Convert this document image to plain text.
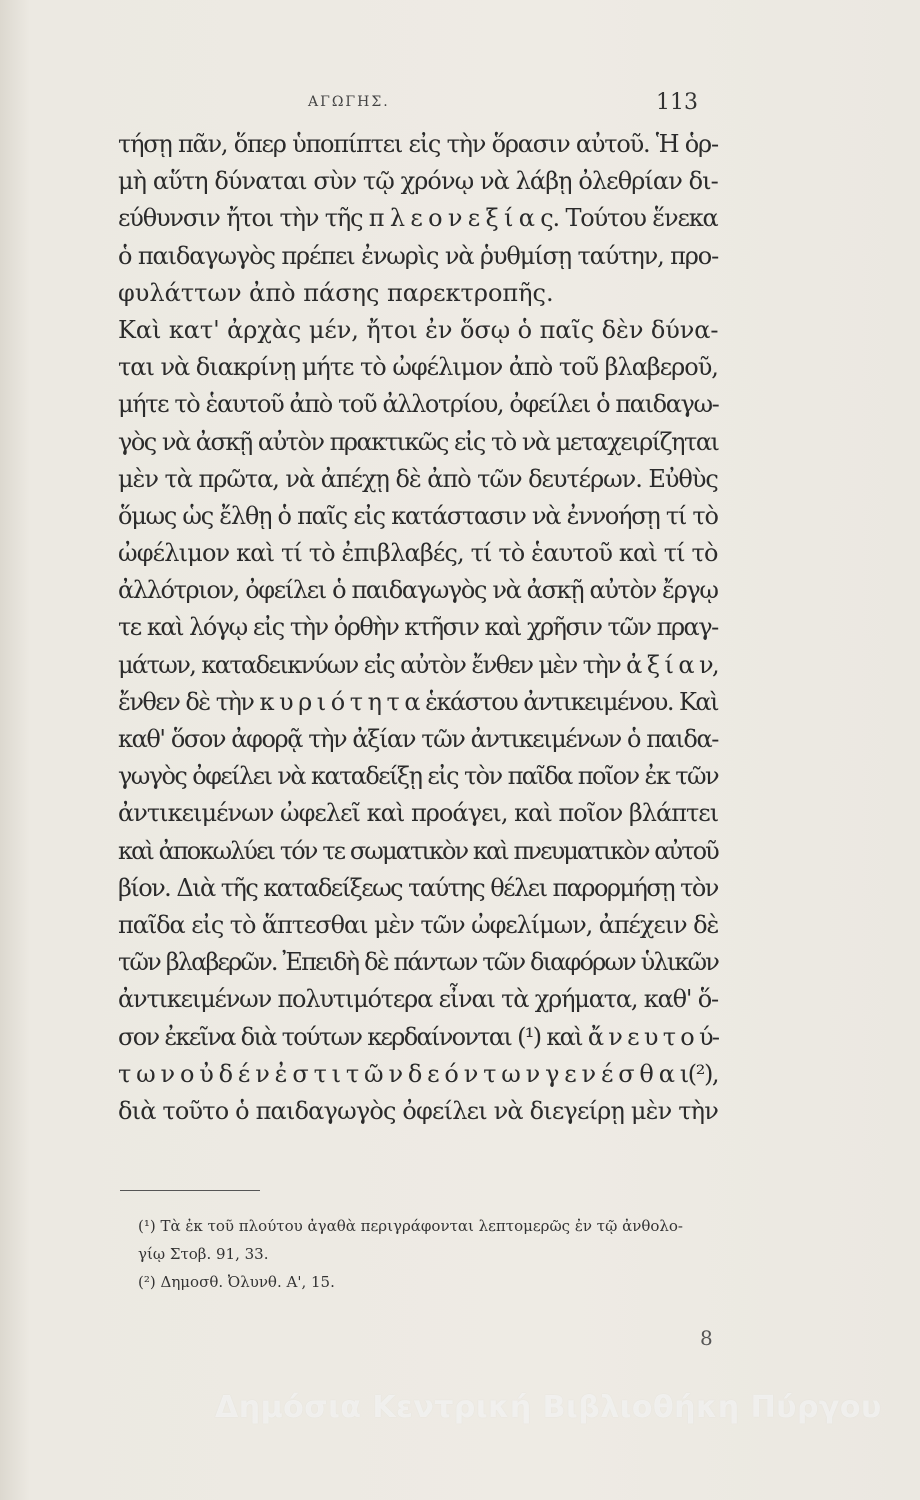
ΑΓΩΓΗΣ.	113
τήσῃ πᾶν, ὅπερ ὑποπίπτει εἰς τὴν ὅρασιν αὐτοῦ. Ἡ ὁρ-
μὴ αὕτη δύναται σὺν τῷ χρόνῳ νὰ λάβῃ ὀλεθρίαν δι-
εύθυνσιν ἤτοι τὴν τῆς π λ ε ο ν ε ξ ί α ς. Τούτου ἕνεκα
ὁ παιδαγωγὸς πρέπει ἐνωρὶς νὰ ῥυθμίσῃ ταύτην, προ-
φυλάττων ἀπὸ πάσης παρεκτροπῆς.
Καὶ κατ' ἀρχὰς μέν, ἤτοι ἐν ὅσῳ ὁ παῖς δὲν δύνα-
ται νὰ διακρίνῃ μήτε τὸ ὠφέλιμον ἀπὸ τοῦ βλαβεροῦ,
μήτε τὸ ἑαυτοῦ ἀπὸ τοῦ ἀλλοτρίου, ὀφείλει ὁ παιδαγω-
γὸς νὰ ἀσκῇ αὐτὸν πρακτικῶς εἰς τὸ νὰ μεταχειρίζηται
μὲν τὰ πρῶτα, νὰ ἀπέχῃ δὲ ἀπὸ τῶν δευτέρων. Εὐθὺς
ὅμως ὡς ἔλθῃ ὁ παῖς εἰς κατάστασιν νὰ ἐννοήσῃ τί τὸ
ὠφέλιμον καὶ τί τὸ ἐπιβλαβές, τί τὸ ἑαυτοῦ καὶ τί τὸ
ἀλλότριον, ὀφείλει ὁ παιδαγωγὸς νὰ ἀσκῇ αὐτὸν ἔργῳ
τε καὶ λόγῳ εἰς τὴν ὀρθὴν κτῆσιν καὶ χρῆσιν τῶν πραγ-
μάτων, καταδεικνύων εἰς αὐτὸν ἔνθεν μὲν τὴν ἀ ξ ί α ν,
ἔνθεν δὲ τὴν κ υ ρ ι ό τ η τ α ἑκάστου ἀντικειμένου. Καὶ
καθ' ὅσον ἀφορᾷ τὴν ἀξίαν τῶν ἀντικειμένων ὁ παιδα-
γωγὸς ὀφείλει νὰ καταδείξῃ εἰς τὸν παῖδα ποῖον ἐκ τῶν
ἀντικειμένων ὠφελεῖ καὶ προάγει, καὶ ποῖον βλάπτει
καὶ ἀποκωλύει τόν τε σωματικὸν καὶ πνευματικὸν αὐτοῦ
βίον. Διὰ τῆς καταδείξεως ταύτης θέλει παρορμήσῃ τὸν
παῖδα εἰς τὸ ἅπτεσθαι μὲν τῶν ὠφελίμων, ἀπέχειν δὲ
τῶν βλαβερῶν. Ἐπειδὴ δὲ πάντων τῶν διαφόρων ὑλικῶν
ἀντικειμένων πολυτιμότερα εἶναι τὰ χρήματα, καθ' ὅ-
σον ἐκεῖνα διὰ τούτων κερδαίνονται (¹) καὶ ἄ ν ε υ τ ο ύ-
τ ω ν ο ὐ δ έ ν ἐ σ τ ι τ ῶ ν δ ε ό ν τ ω ν γ ε ν έ σ θ α ι(²),
διὰ τοῦτο ὁ παιδαγωγὸς ὀφείλει νὰ διεγείρῃ μὲν τὴν
(¹) Τὰ ἐκ τοῦ πλούτου ἀγαθὰ περιγράφονται λεπτομερῶς ἐν τῷ ἀνθολο-
γίῳ Στοβ. 91, 33.
(²) Δημοσθ. Ὀλυνθ. Α', 15.
8
Δημόσια Κεντρική Βιβλιοθήκη Πύργου
